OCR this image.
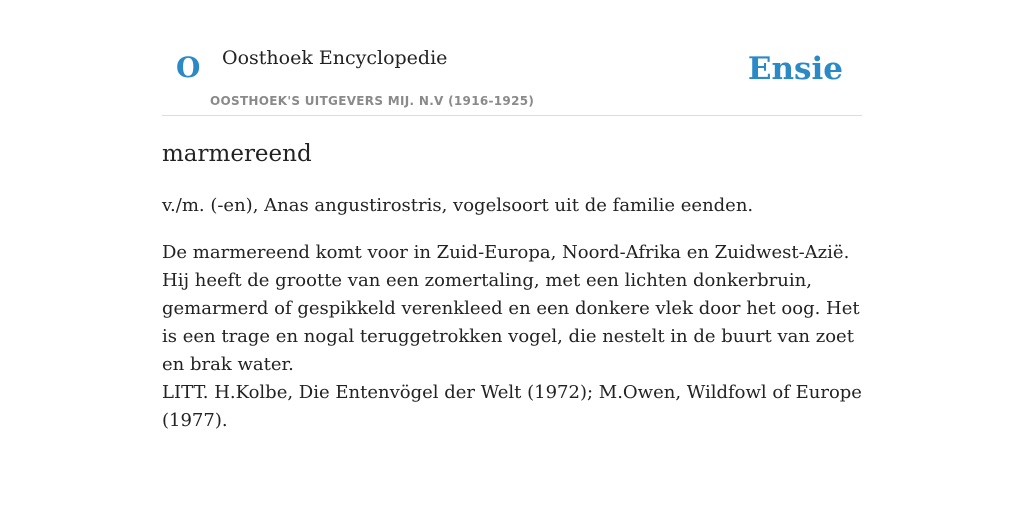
O Oosthoek Encyclopedie
OOSTHOEK'S UITGEVERS MIJ. N.V (1916-1925)
Ensie
marmereend

v./m. (-en), Anas angustirostris, vogelsoort uit de familie eenden.

De marmereend komt voor in Zuid-Europa, Noord-Afrika en Zuidwest-Azië. Hij heeft de grootte van een zomertaling, met een lichten donkerbruin, gemarmerd of gespikkeld verenkleed en een donkere vlek door het oog. Het is een trage en nogal teruggetrokken vogel, die nestelt in de buurt van zoet en brak water.

LITT. H.Kolbe, Die Entenvögel der Welt (1972); M.Owen, Wildfowl of Europe (1977).
